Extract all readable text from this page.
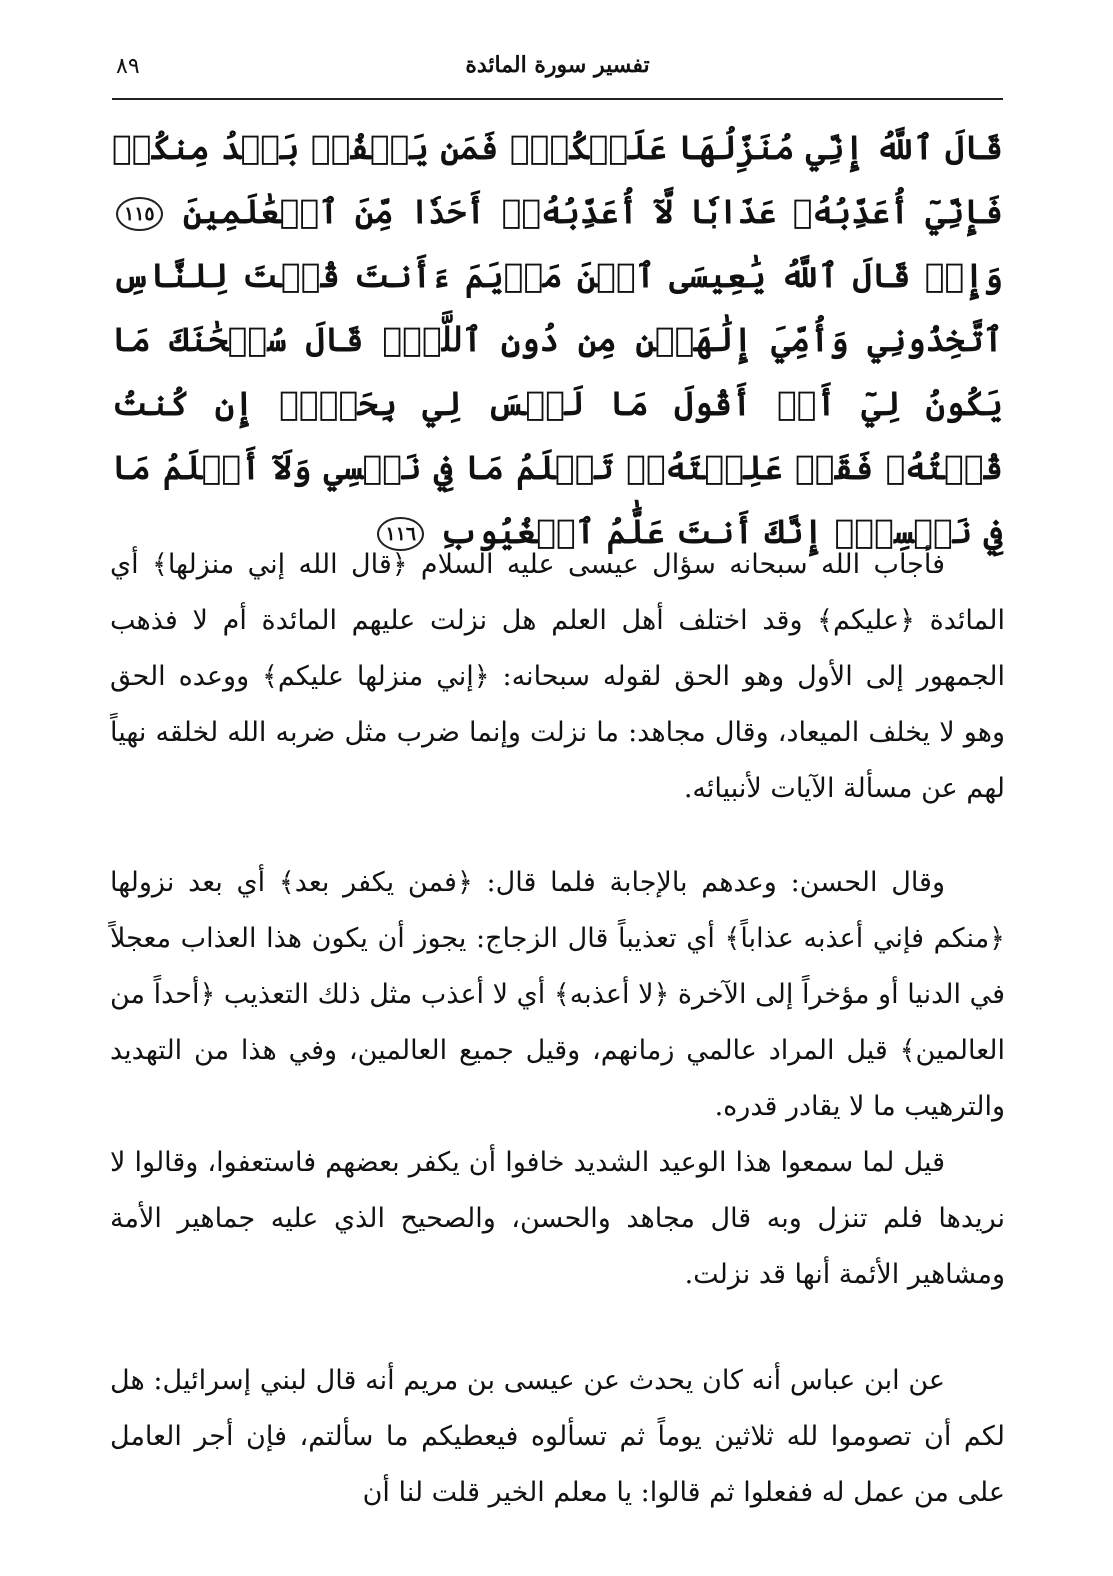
تفسير سورة المائدة
٨٩
قَالَ ٱللَّهُ إِنِّي مُنَزِّلُهَا عَلَيۡكُمۡۖ فَمَن يَكۡفُرۡ بَعۡدُ مِنكُمۡ فَإِنِّيٓ أُعَذِّبُهُۥ عَذَابٗا لَّآ أُعَذِّبُهُۥٓ أَحَدٗا مِّنَ ٱلۡعَٰلَمِينَ ١١٥ وَإِذۡ قَالَ ٱللَّهُ يَٰعِيسَى ٱبۡنَ مَرۡيَمَ ءَأَنتَ قُلۡتَ لِلنَّاسِ ٱتَّخِذُونِي وَأُمِّيَ إِلَٰهَيۡنِ مِن دُونِ ٱللَّهِۖ قَالَ سُبۡحَٰنَكَ مَا يَكُونُ لِيٓ أَنۡ أَقُولَ مَا لَيۡسَ لِي بِحَقٍّۚ إِن كُنتُ قُلۡتُهُۥ فَقَدۡ عَلِمۡتَهُۥۚ تَعۡلَمُ مَا فِي نَفۡسِي وَلَآ أَعۡلَمُ مَا فِي نَفۡسِكَۚ إِنَّكَ أَنتَ عَلَّٰمُ ٱلۡغُيُوبِ ١١٦

فأجاب الله سبحانه سؤال عيسى عليه السلام ﴿قال الله إني منزلها﴾ أي المائدة ﴿عليكم﴾ وقد اختلف أهل العلم هل نزلت عليهم المائدة أم لا فذهب الجمهور إلى الأول وهو الحق لقوله سبحانه: ﴿إني منزلها عليكم﴾ ووعده الحق وهو لا يخلف الميعاد، وقال مجاهد: ما نزلت وإنما ضرب مثل ضربه الله لخلقه نهياً لهم عن مسألة الآيات لأنبيائه.

وقال الحسن: وعدهم بالإجابة فلما قال: ﴿فمن يكفر بعد﴾ أي بعد نزولها ﴿منكم فإني أعذبه عذاباً﴾ أي تعذيباً قال الزجاج: يجوز أن يكون هذا العذاب معجلاً في الدنيا أو مؤخراً إلى الآخرة ﴿لا أعذبه﴾ أي لا أعذب مثل ذلك التعذيب ﴿أحداً من العالمين﴾ قيل المراد عالمي زمانهم، وقيل جميع العالمين، وفي هذا من التهديد والترهيب ما لا يقادر قدره.

قيل لما سمعوا هذا الوعيد الشديد خافوا أن يكفر بعضهم فاستعفوا، وقالوا لا نريدها فلم تنزل وبه قال مجاهد والحسن، والصحيح الذي عليه جماهير الأمة ومشاهير الأئمة أنها قد نزلت.

عن ابن عباس أنه كان يحدث عن عيسى بن مريم أنه قال لبني إسرائيل: هل لكم أن تصوموا لله ثلاثين يوماً ثم تسألوه فيعطيكم ما سألتم، فإن أجر العامل على من عمل له ففعلوا ثم قالوا: يا معلم الخير قلت لنا أن
